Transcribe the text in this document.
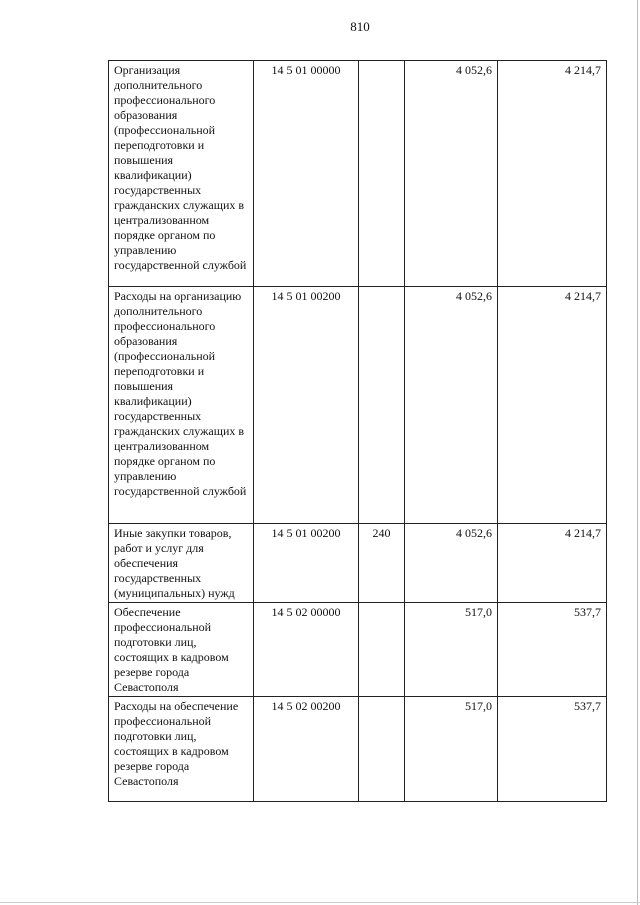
810
Организация дополнительного профессионального образования (профессиональной переподготовки и повышения квалификации) государственных гражданских служащих в централизованном порядке органом по управлению государственной службой	14 5 01 00000		4 052,6	4 214,7
Расходы на организацию дополнительного профессионального образования (профессиональной переподготовки и повышения квалификации) государственных гражданских служащих в централизованном порядке органом по управлению государственной службой	14 5 01 00200		4 052,6	4 214,7
Иные закупки товаров, работ и услуг для обеспечения государственных (муниципальных) нужд	14 5 01 00200	240	4 052,6	4 214,7
Обеспечение профессиональной подготовки лиц, состоящих в кадровом резерве города Севастополя	14 5 02 00000		517,0	537,7
Расходы на обеспечение профессиональной подготовки лиц, состоящих в кадровом резерве города Севастополя	14 5 02 00200		517,0	537,7
